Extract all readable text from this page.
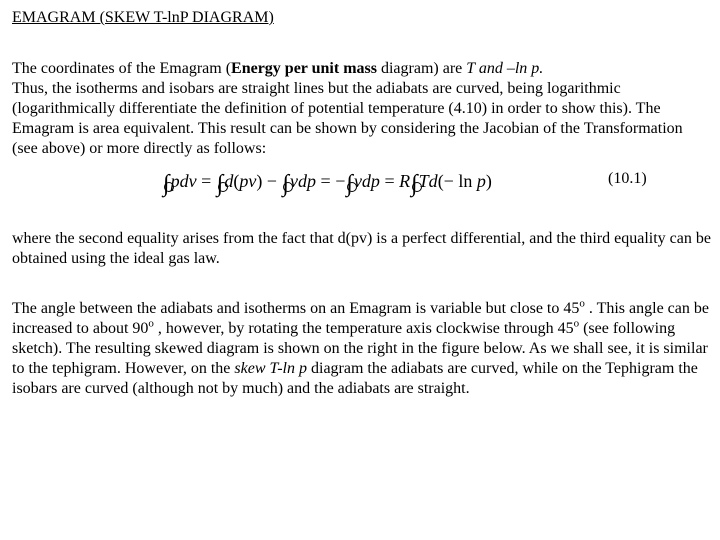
EMAGRAM (SKEW T-lnP DIAGRAM)

The coordinates of the Emagram (Energy per unit mass diagram) are T and –ln p.
Thus, the isotherms and isobars are straight lines but the adiabats are curved, being logarithmic (logarithmically differentiate the definition of potential temperature (4.10) in order to show this). The Emagram is area equivalent. This result can be shown by considering the Jacobian of the Transformation (see above) or more directly as follows:

∫pdv = ∫d(pv) − ∫vdp = −∫vdp = R∫Td(− ln p)	(10.1)

where the second equality arises from the fact that d(pv) is a perfect differential, and the third equality can be obtained using the ideal gas law.

The angle between the adiabats and isotherms on an Emagram is variable but close to 45$^o$ . This angle can be increased to about 90$^o$ , however, by rotating the temperature axis clockwise through 45$^o$ (see following sketch). The resulting skewed diagram is shown on the right in the figure below. As we shall see, it is similar to the tephigram. However, on the skew T-ln p diagram the adiabats are curved, while on the Tephigram the isobars are curved (although not by much) and the adiabats are straight.
